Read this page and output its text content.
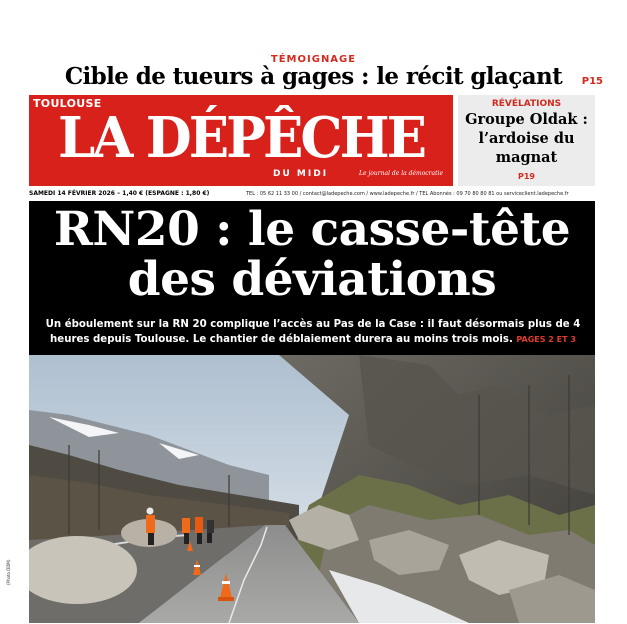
TÉMOIGNAGE
Cible de tueurs à gages : le récit glaçant	P15
TOULOUSE
LA DÉPÊCHE
DU MIDI	Le journal de la démocratie
RÉVÉLATIONS
Groupe Oldak : l’ardoise du magnat
P19
SAMEDI 14 FÉVRIER 2026 – 1,40 € (ESPAGNE : 1,80 €)	TEL : 05 62 11 33 00 / contact@ladepeche.com / www.ladepeche.fr / TEL Abonnés : 09 70 80 80 81 ou serviceclient.ladepeche.fr
RN20 : le casse-tête des déviations
Un éboulement sur la RN 20 complique l’accès au Pas de la Case : il faut désormais plus de 4 heures depuis Toulouse. Le chantier de déblaiement durera au moins trois mois. PAGES 2 ET 3
(Photo DDM)
